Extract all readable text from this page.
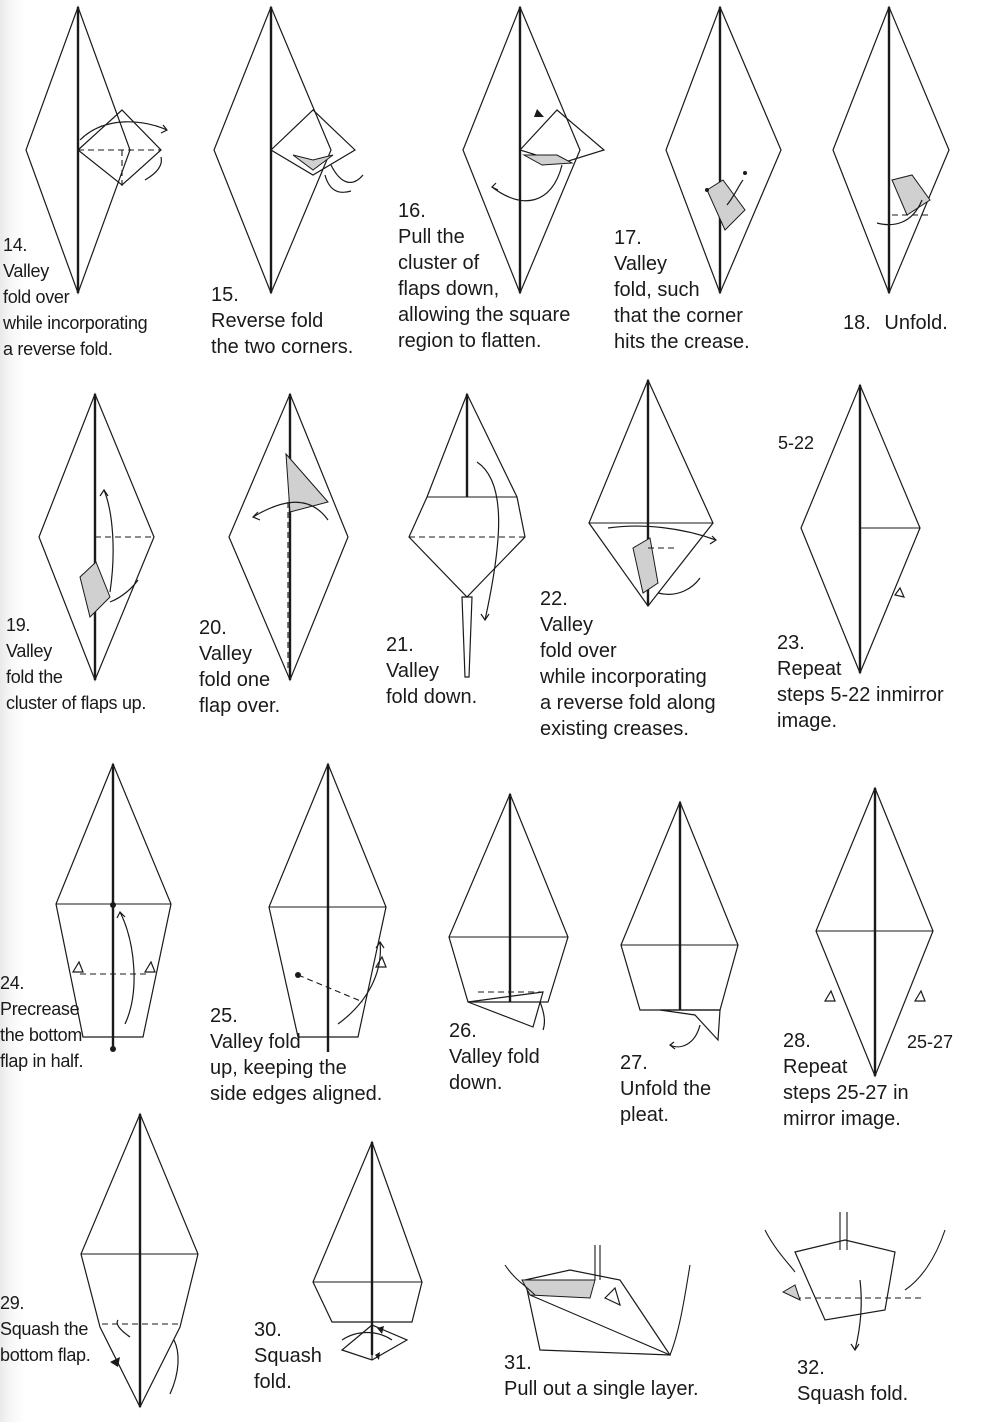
14.
Valley
fold over
while incorporating
a reverse fold.
15.
Reverse fold
the two corners.
16.
Pull the
cluster of
flaps down,
allowing the square
region to flatten.
17.
Valley
fold, such
that the corner
hits the crease.
18. Unfold.
19.
Valley
fold the
cluster of flaps up.
20.
Valley
fold one
flap over.
21.
Valley
fold down.
22.
Valley
fold over
while incorporating
a reverse fold along
existing creases.
23.
Repeat
steps 5-22 inmirror
image.
5-22
24.
Precrease
the bottom
flap in half.
25.
Valley fold
up, keeping the
side edges aligned.
26.
Valley fold
down.
27.
Unfold the
pleat.
28.
Repeat
steps 25-27 in
mirror image.
25-27
29.
Squash the
bottom flap.
30.
Squash
fold.
31.
Pull out a single layer.
32.
Squash fold.
